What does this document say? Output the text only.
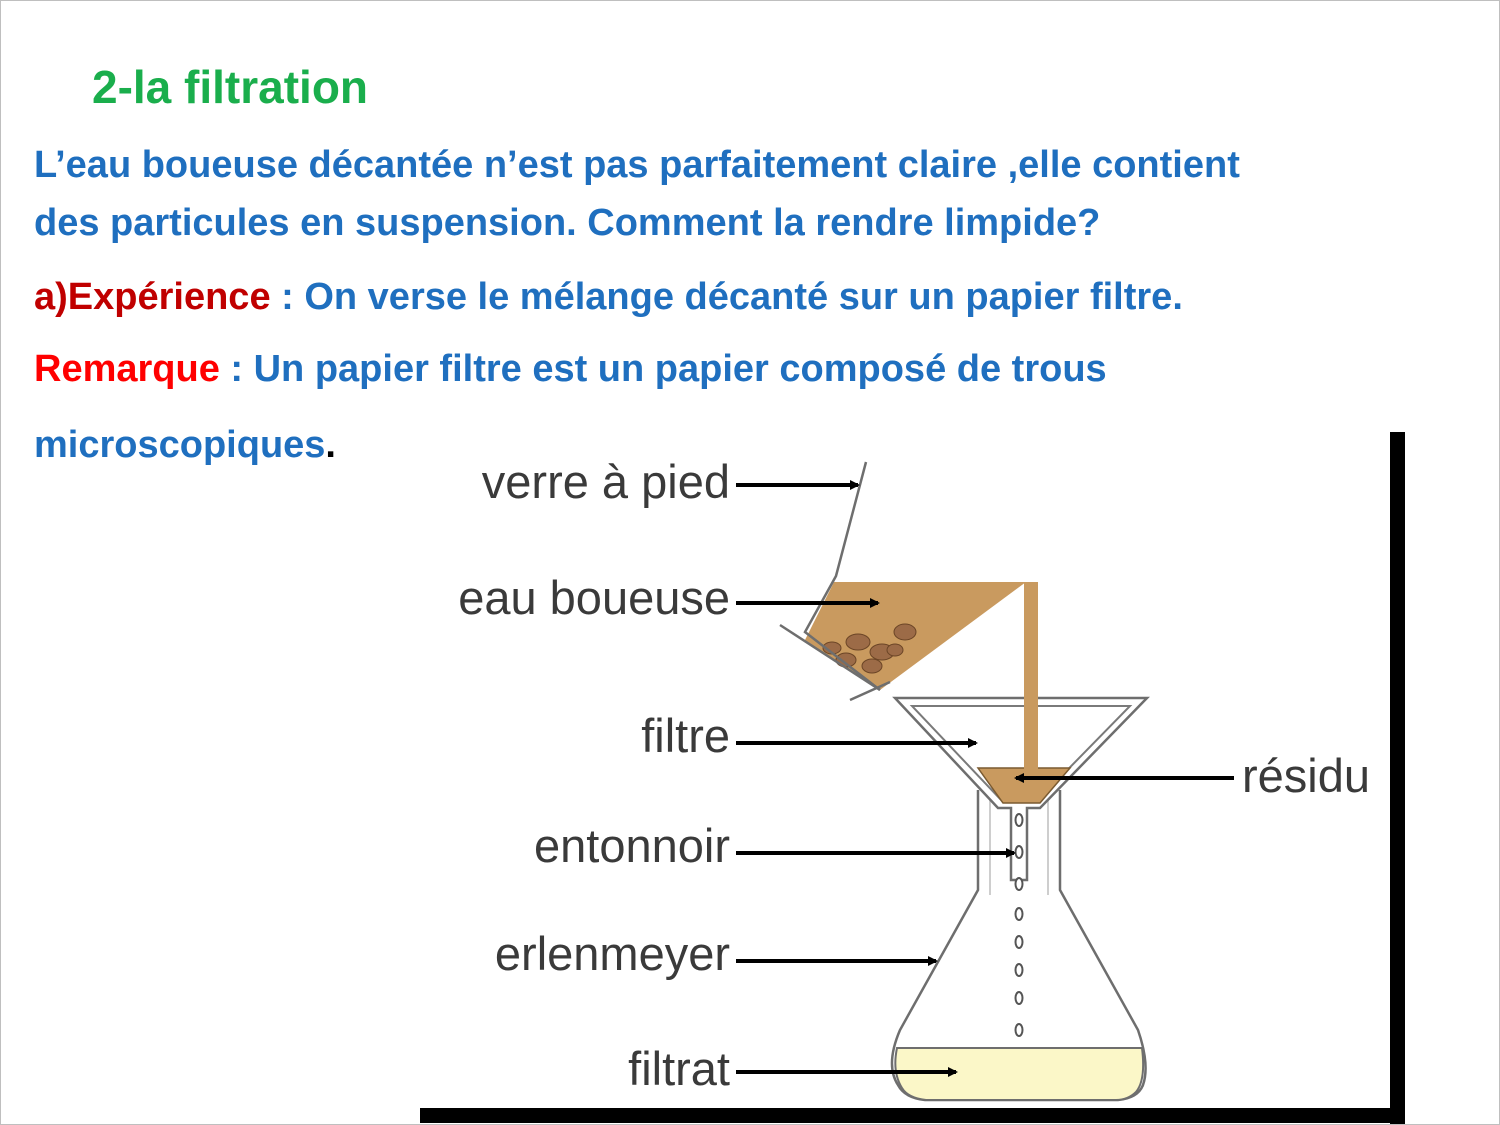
2-la filtration

L’eau boueuse décantée n’est pas parfaitement claire ,elle contient
des particules en suspension. Comment la rendre limpide?

a)Expérience : On verse le mélange décanté sur un papier filtre.

Remarque : Un papier filtre est un papier composé de trous

microscopiques.

verre à pied
eau boueuse
filtre
résidu
entonnoir
erlenmeyer
filtrat
